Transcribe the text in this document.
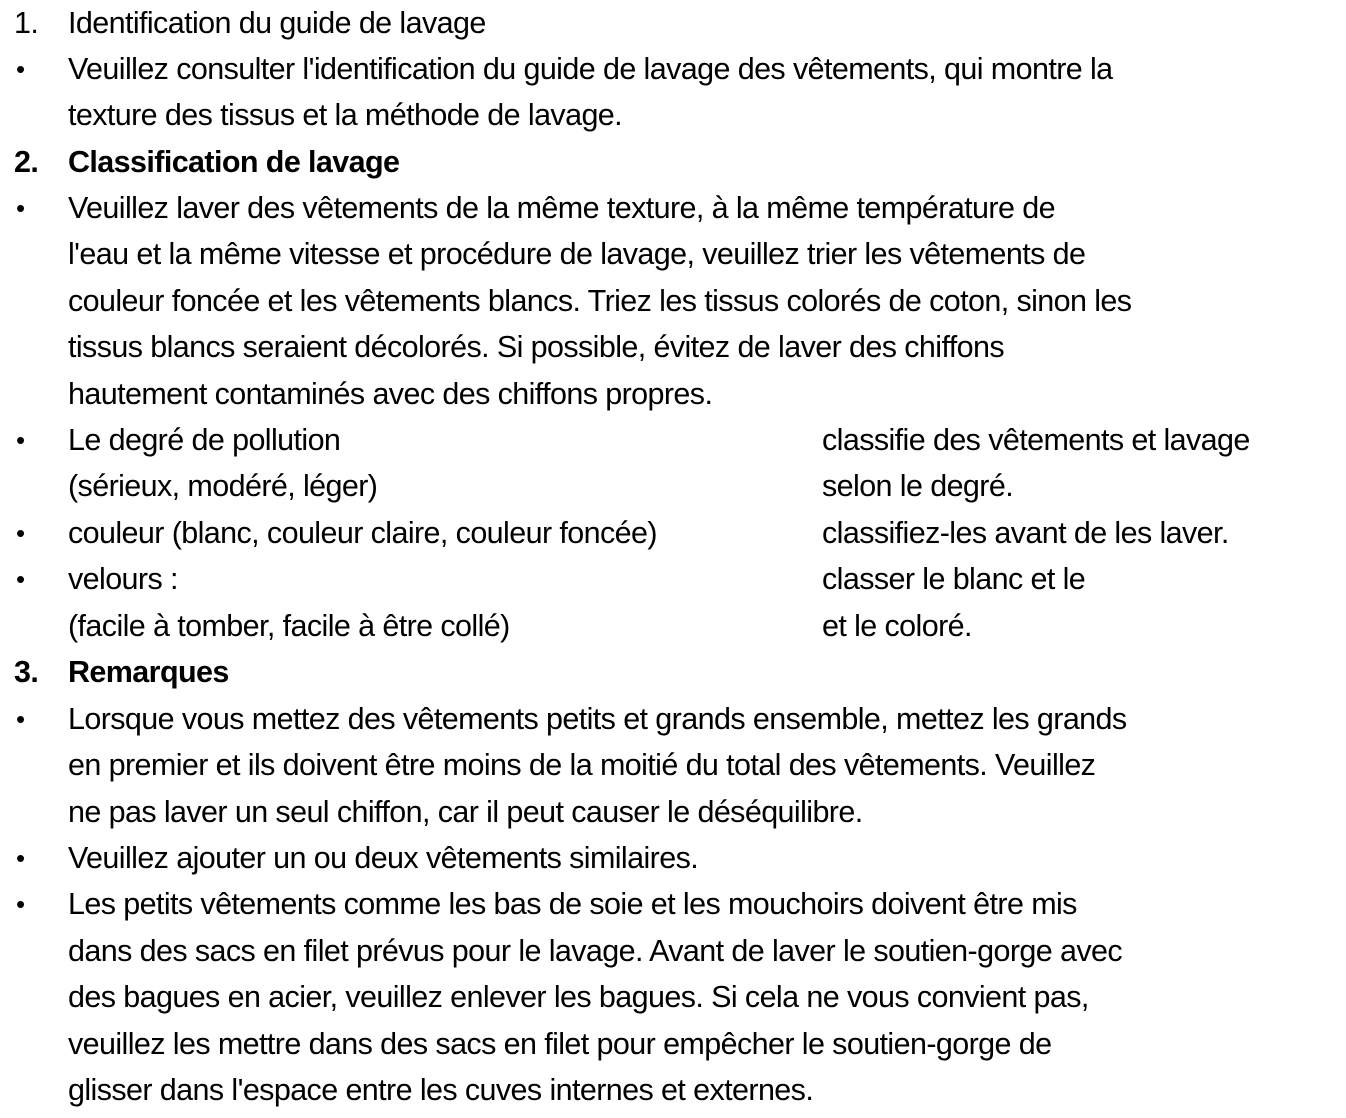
1. Identification du guide de lavage
• Veuillez consulter l'identification du guide de lavage des vêtements, qui montre la
texture des tissus et la méthode de lavage.
2. Classification de lavage
• Veuillez laver des vêtements de la même texture, à la même température de
l'eau et la même vitesse et procédure de lavage, veuillez trier les vêtements de
couleur foncée et les vêtements blancs. Triez les tissus colorés de coton, sinon les
tissus blancs seraient décolorés. Si possible, évitez de laver des chiffons
hautement contaminés avec des chiffons propres.
• Le degré de pollution	classifie des vêtements et lavage
(sérieux, modéré, léger)	selon le degré.
• couleur (blanc, couleur claire, couleur foncée)	classifiez-les avant de les laver.
• velours :	classer le blanc et le
(facile à tomber, facile à être collé)	et le coloré.
3. Remarques
• Lorsque vous mettez des vêtements petits et grands ensemble, mettez les grands
en premier et ils doivent être moins de la moitié du total des vêtements. Veuillez
ne pas laver un seul chiffon, car il peut causer le déséquilibre.
• Veuillez ajouter un ou deux vêtements similaires.
• Les petits vêtements comme les bas de soie et les mouchoirs doivent être mis
dans des sacs en filet prévus pour le lavage. Avant de laver le soutien-gorge avec
des bagues en acier, veuillez enlever les bagues. Si cela ne vous convient pas,
veuillez les mettre dans des sacs en filet pour empêcher le soutien-gorge de
glisser dans l'espace entre les cuves internes et externes.
